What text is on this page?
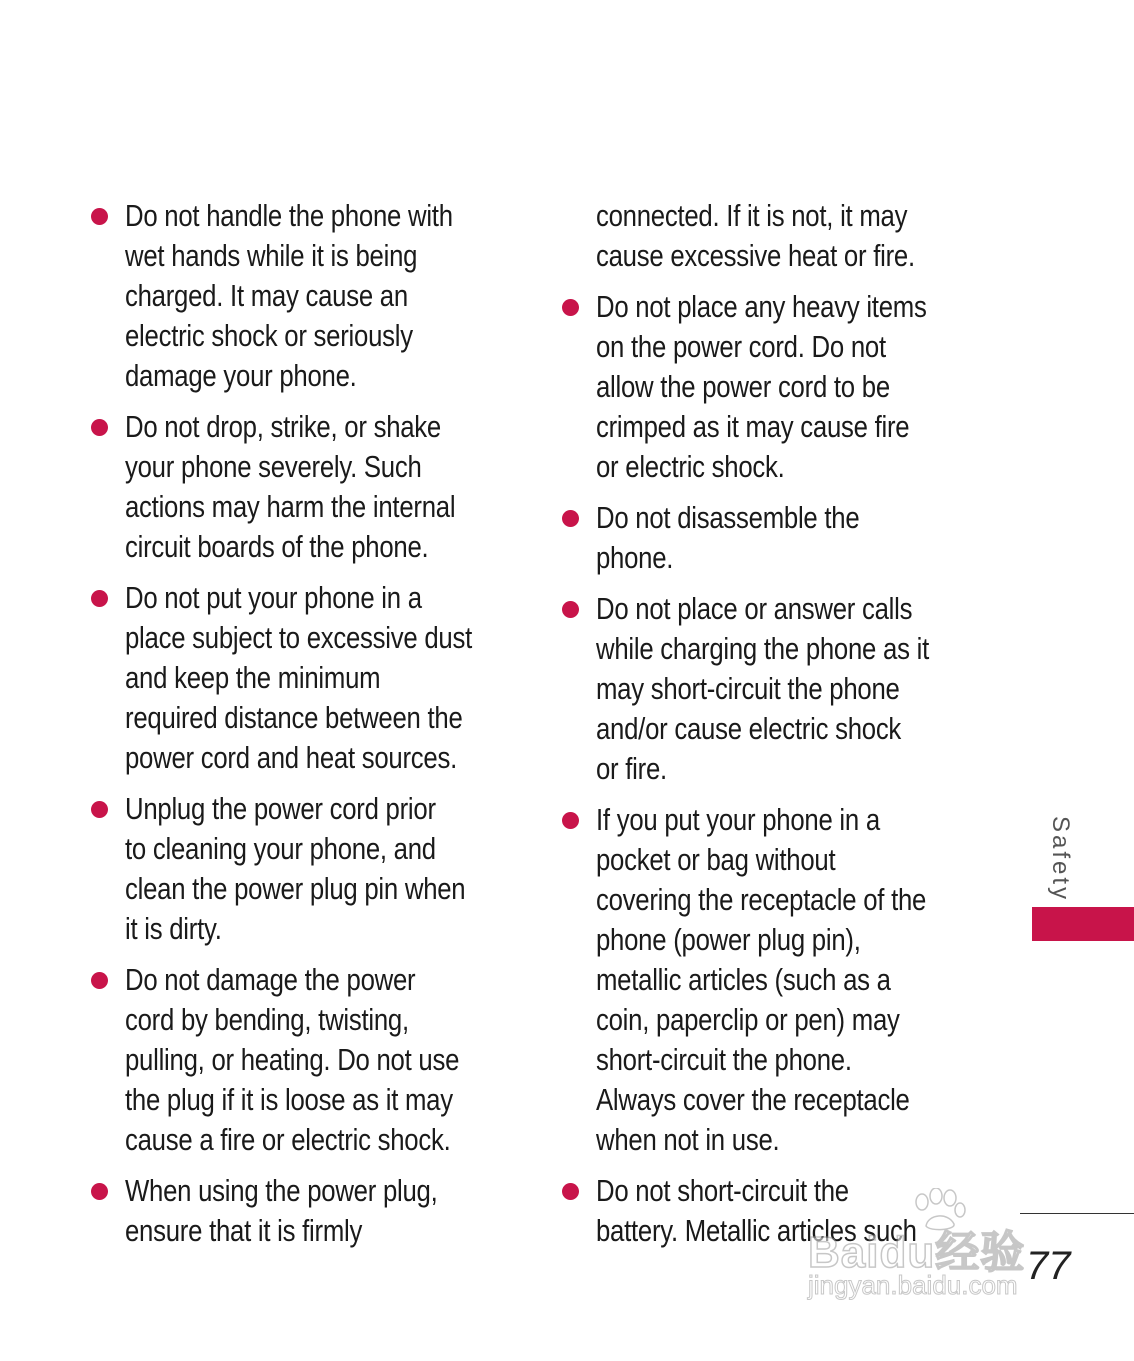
Do not handle the phone with
wet hands while it is being
charged. It may cause an
electric shock or seriously
damage your phone.
Do not drop, strike, or shake
your phone severely. Such
actions may harm the internal
circuit boards of the phone.
Do not put your phone in a
place subject to excessive dust
and keep the minimum
required distance between the
power cord and heat sources.
Unplug the power cord prior
to cleaning your phone, and
clean the power plug pin when
it is dirty.
Do not damage the power
cord by bending, twisting,
pulling, or heating. Do not use
the plug if it is loose as it may
cause a fire or electric shock.
When using the power plug,
ensure that it is firmly
connected. If it is not, it may
cause excessive heat or fire.
Do not place any heavy items
on the power cord. Do not
allow the power cord to be
crimped as it may cause fire
or electric shock.
Do not disassemble the
phone.
Do not place or answer calls
while charging the phone as it
may short-circuit the phone
and/or cause electric shock
or fire.
If you put your phone in a
pocket or bag without
covering the receptacle of the
phone (power plug pin),
metallic articles (such as a
coin, paperclip or pen) may
short-circuit the phone.
Always cover the receptacle
when not in use.
Do not short-circuit the
battery. Metallic articles such
Safety
77
Baidu经验
jingyan.baidu.com
